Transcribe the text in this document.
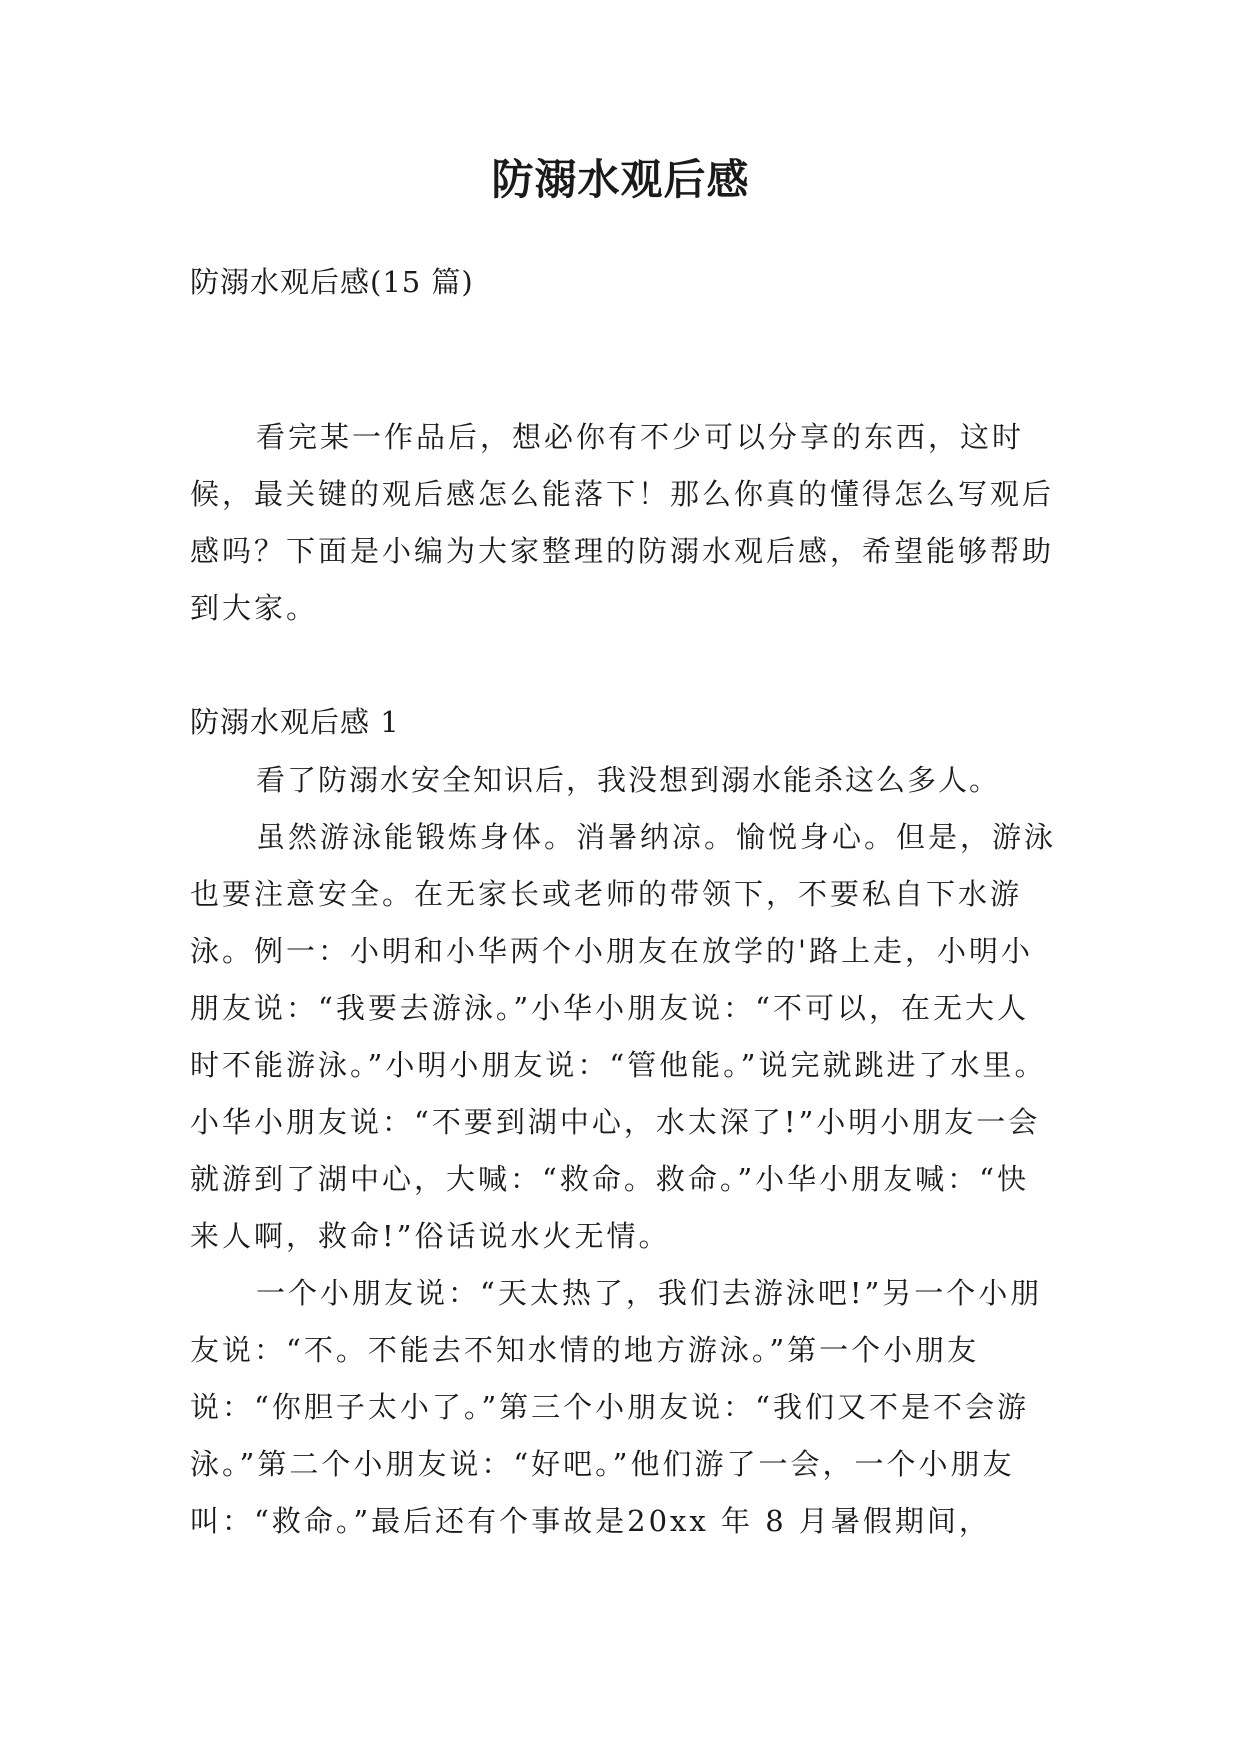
防溺水观后感
防溺水观后感(15 篇)

看完某一作品后，想必你有不少可以分享的东西，这时候，最关键的观后感怎么能落下！那么你真的懂得怎么写观后感吗？下面是小编为大家整理的防溺水观后感，希望能够帮助到大家。

防溺水观后感 1

看了防溺水安全知识后，我没想到溺水能杀这么多人。

虽然游泳能锻炼身体。消暑纳凉。愉悦身心。但是，游泳也要注意安全。在无家长或老师的带领下，不要私自下水游泳。例一：小明和小华两个小朋友在放学的'路上走，小明小朋友说：“我要去游泳。”小华小朋友说：“不可以，在无大人时不能游泳。”小明小朋友说：“管他能。”说完就跳进了水里。小华小朋友说：“不要到湖中心，水太深了!”小明小朋友一会就游到了湖中心，大喊：“救命。救命。”小华小朋友喊：“快来人啊，救命!”俗话说水火无情。

一个小朋友说：“天太热了，我们去游泳吧!”另一个小朋友说：“不。不能去不知水情的地方游泳。”第一个小朋友说：“你胆子太小了。”第三个小朋友说：“我们又不是不会游泳。”第二个小朋友说：“好吧。”他们游了一会，一个小朋友叫：“救命。”最后还有个事故是20xx 年 8 月暑假期间，
